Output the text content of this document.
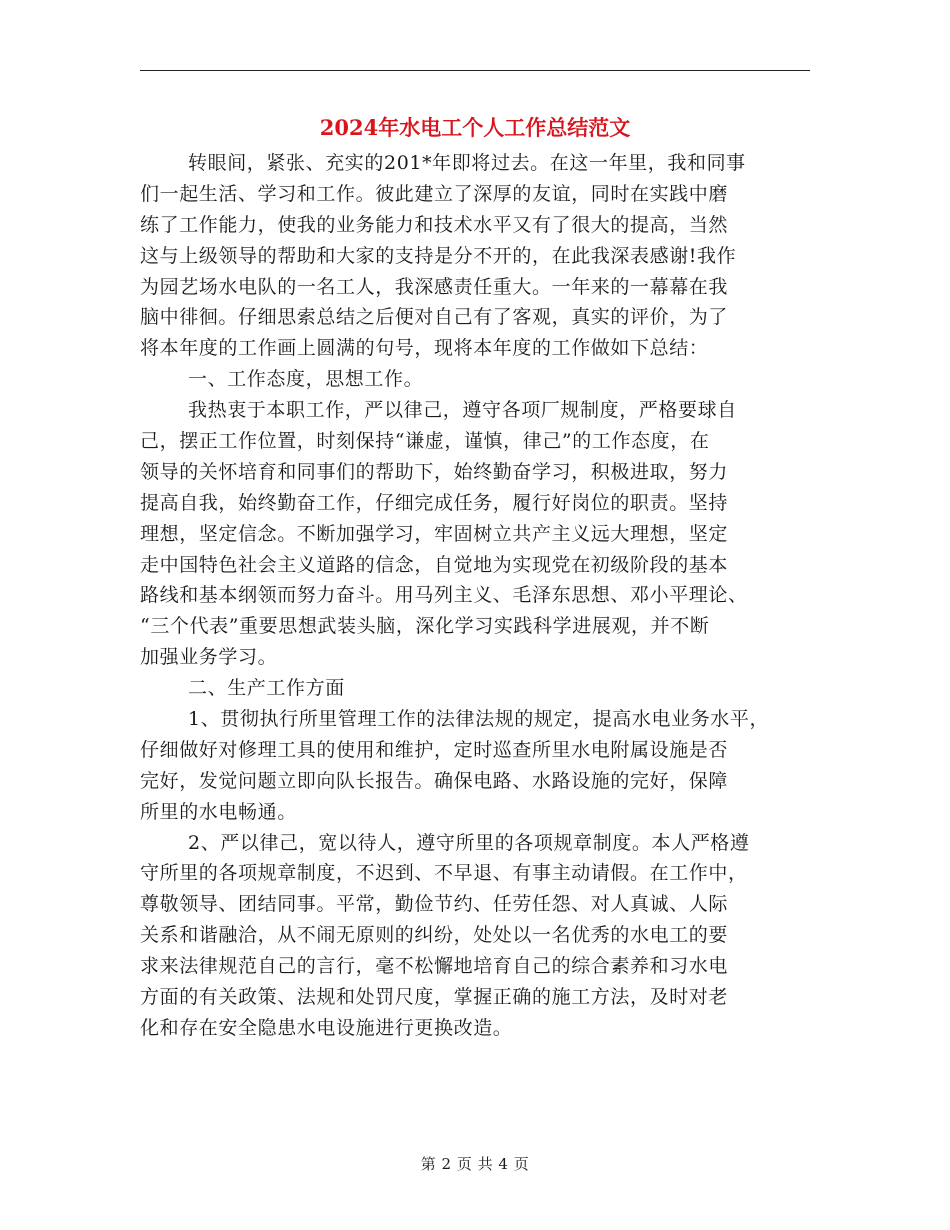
2024年水电工个人工作总结范文
转眼间，紧张、充实的201*年即将过去。在这一年里，我和同事
们一起生活、学习和工作。彼此建立了深厚的友谊，同时在实践中磨
练了工作能力，使我的业务能力和技术水平又有了很大的提高，当然
这与上级领导的帮助和大家的支持是分不开的，在此我深表感谢!我作
为园艺场水电队的一名工人，我深感责任重大。一年来的一幕幕在我
脑中徘徊。仔细思索总结之后便对自己有了客观，真实的评价，为了
将本年度的工作画上圆满的句号，现将本年度的工作做如下总结：
一、工作态度，思想工作。
我热衷于本职工作，严以律己，遵守各项厂规制度，严格要球自
己，摆正工作位置，时刻保持“谦虚，谨慎，律己”的工作态度，在
领导的关怀培育和同事们的帮助下，始终勤奋学习，积极进取，努力
提高自我，始终勤奋工作，仔细完成任务，履行好岗位的职责。坚持
理想，坚定信念。不断加强学习，牢固树立共产主义远大理想，坚定
走中国特色社会主义道路的信念，自觉地为实现党在初级阶段的基本
路线和基本纲领而努力奋斗。用马列主义、毛泽东思想、邓小平理论、
“三个代表”重要思想武装头脑，深化学习实践科学进展观，并不断
加强业务学习。
二、生产工作方面
1、贯彻执行所里管理工作的法律法规的规定，提高水电业务水平，
仔细做好对修理工具的使用和维护，定时巡查所里水电附属设施是否
完好，发觉问题立即向队长报告。确保电路、水路设施的完好，保障
所里的水电畅通。
2、严以律己，宽以待人，遵守所里的各项规章制度。本人严格遵
守所里的各项规章制度，不迟到、不早退、有事主动请假。在工作中，
尊敬领导、团结同事。平常，勤俭节约、任劳任怨、对人真诚、人际
关系和谐融洽，从不闹无原则的纠纷，处处以一名优秀的水电工的要
求来法律规范自己的言行，毫不松懈地培育自己的综合素养和习水电
方面的有关政策、法规和处罚尺度，掌握正确的施工方法，及时对老
化和存在安全隐患水电设施进行更换改造。
第 2 页 共 4 页
